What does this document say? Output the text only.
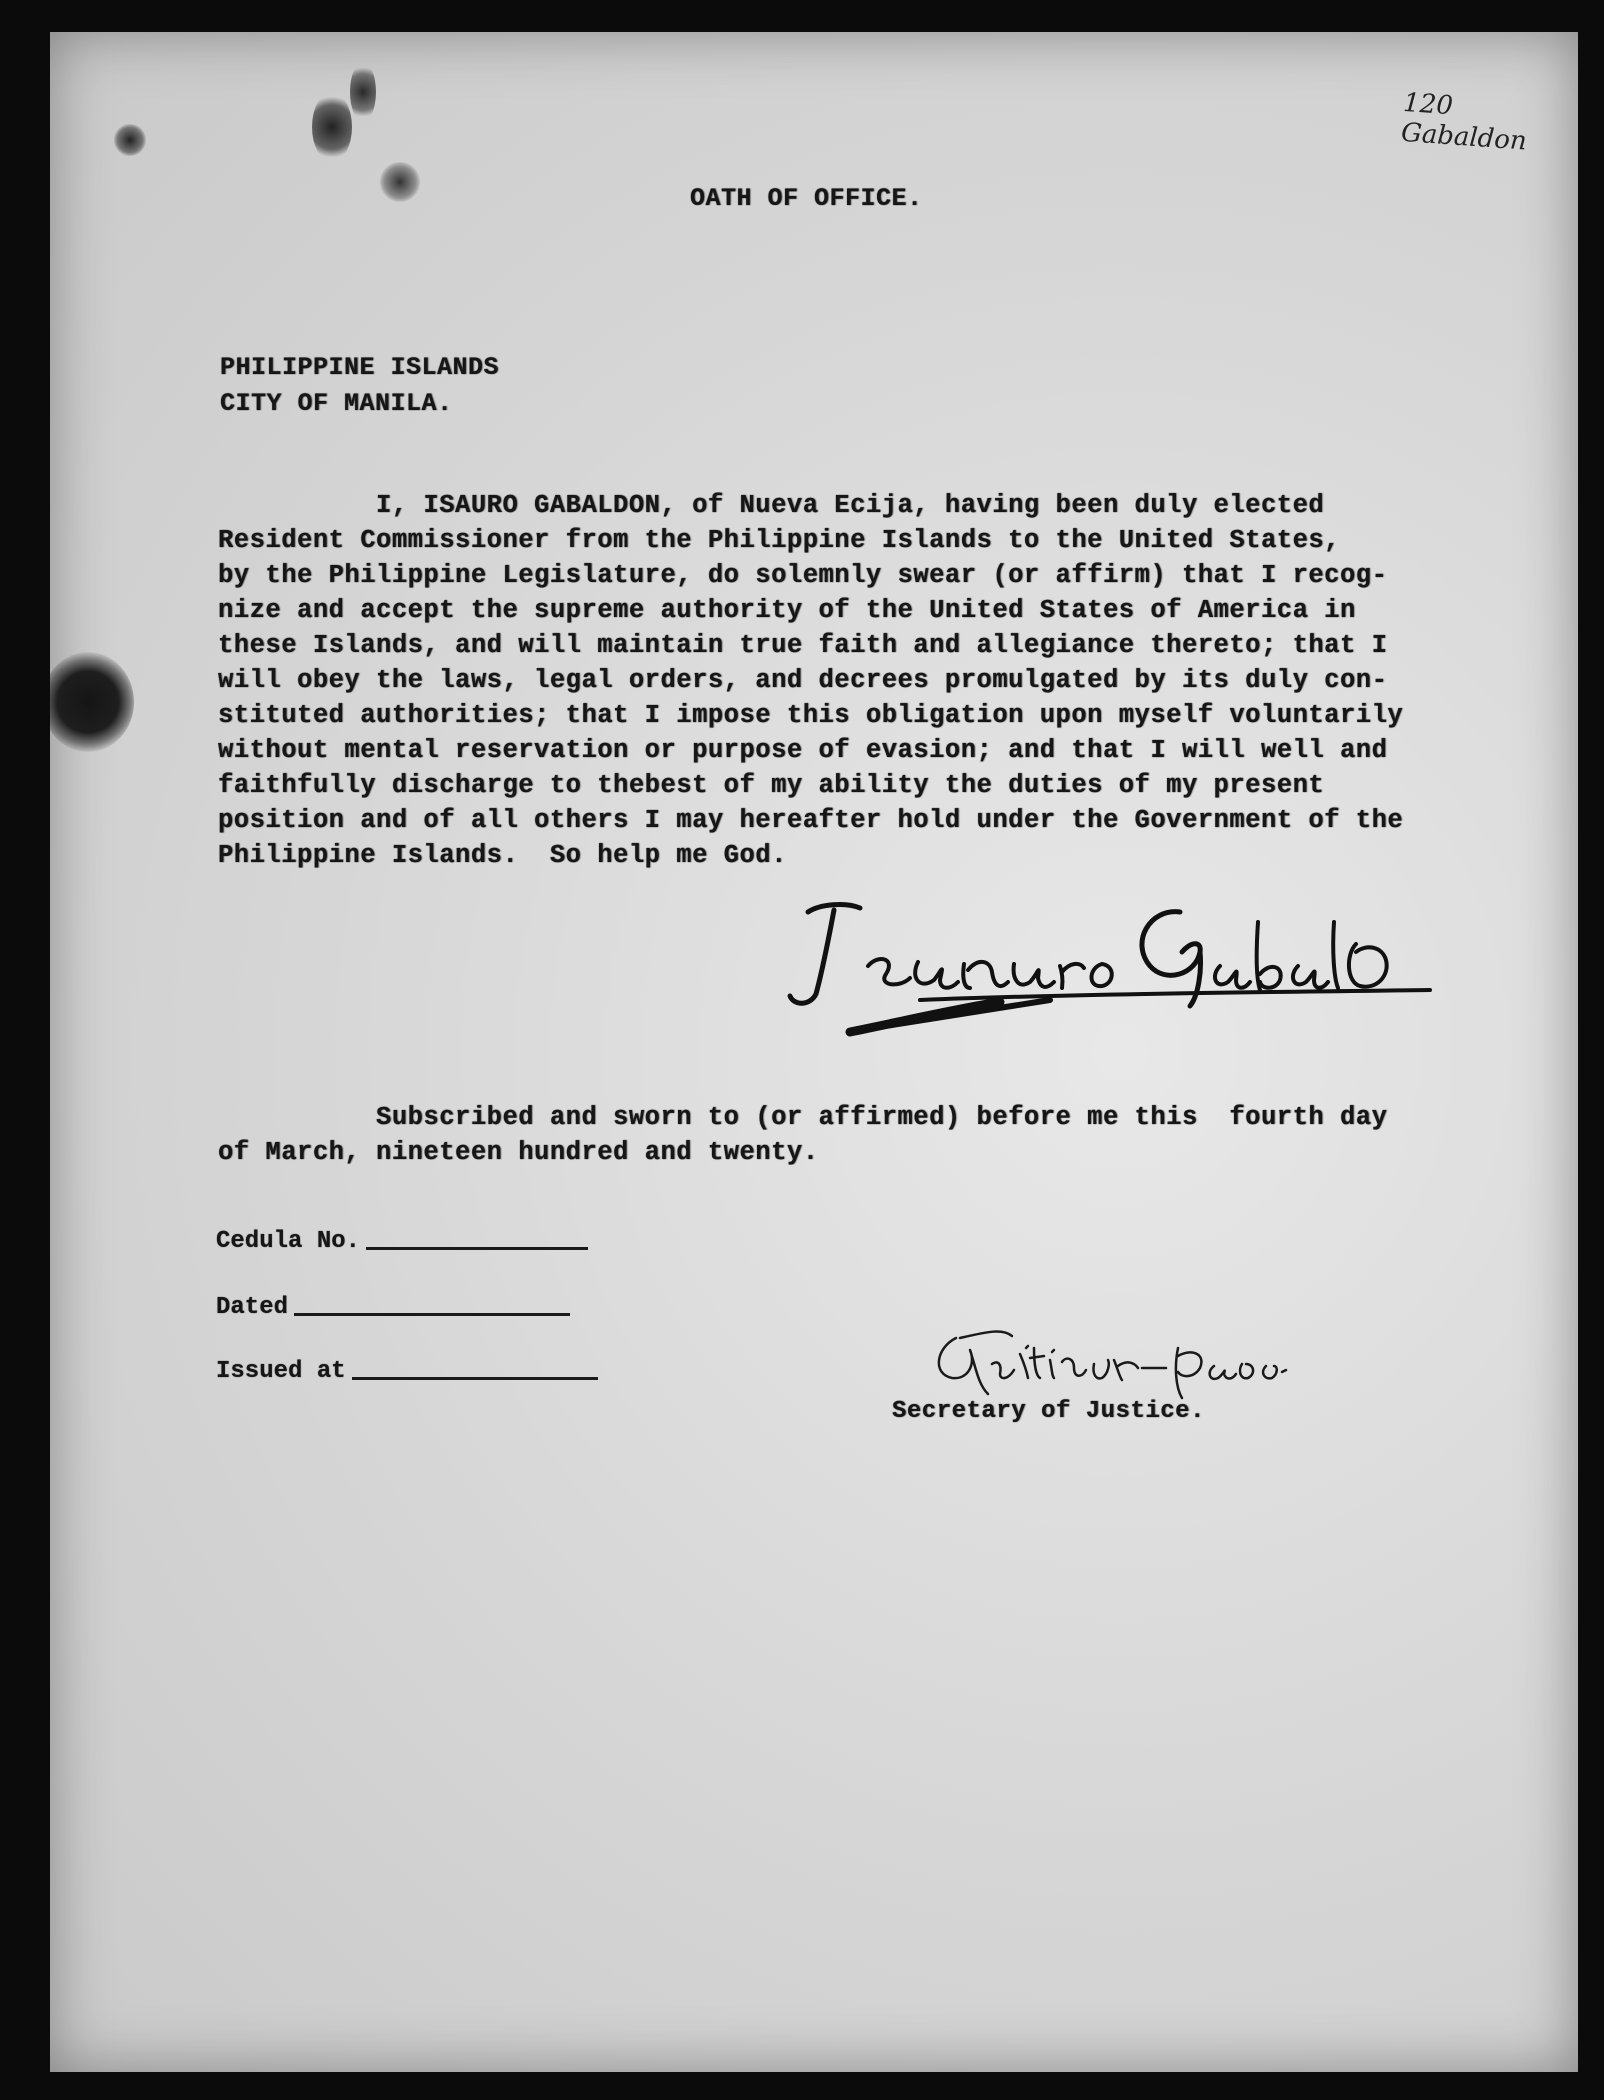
120 Gabaldon
OATH OF OFFICE.
PHILIPPINE ISLANDS
CITY OF MANILA.
I, ISAURO GABALDON, of Nueva Ecija, having been duly elected
Resident Commissioner from the Philippine Islands to the United States,
by the Philippine Legislature, do solemnly swear (or affirm) that I recog-
nize and accept the supreme authority of the United States of America in
these Islands, and will maintain true faith and allegiance thereto; that I
will obey the laws, legal orders, and decrees promulgated by its duly con-
stituted authorities; that I impose this obligation upon myself voluntarily
without mental reservation or purpose of evasion; and that I will well and
faithfully discharge to thebest of my ability the duties of my present
position and of all others I may hereafter hold under the Government of the
Philippine Islands.  So help me God.
Subscribed and sworn to (or affirmed) before me this  fourth day
of March, nineteen hundred and twenty.
Cedula No.
Dated
Issued at
Secretary of Justice.
